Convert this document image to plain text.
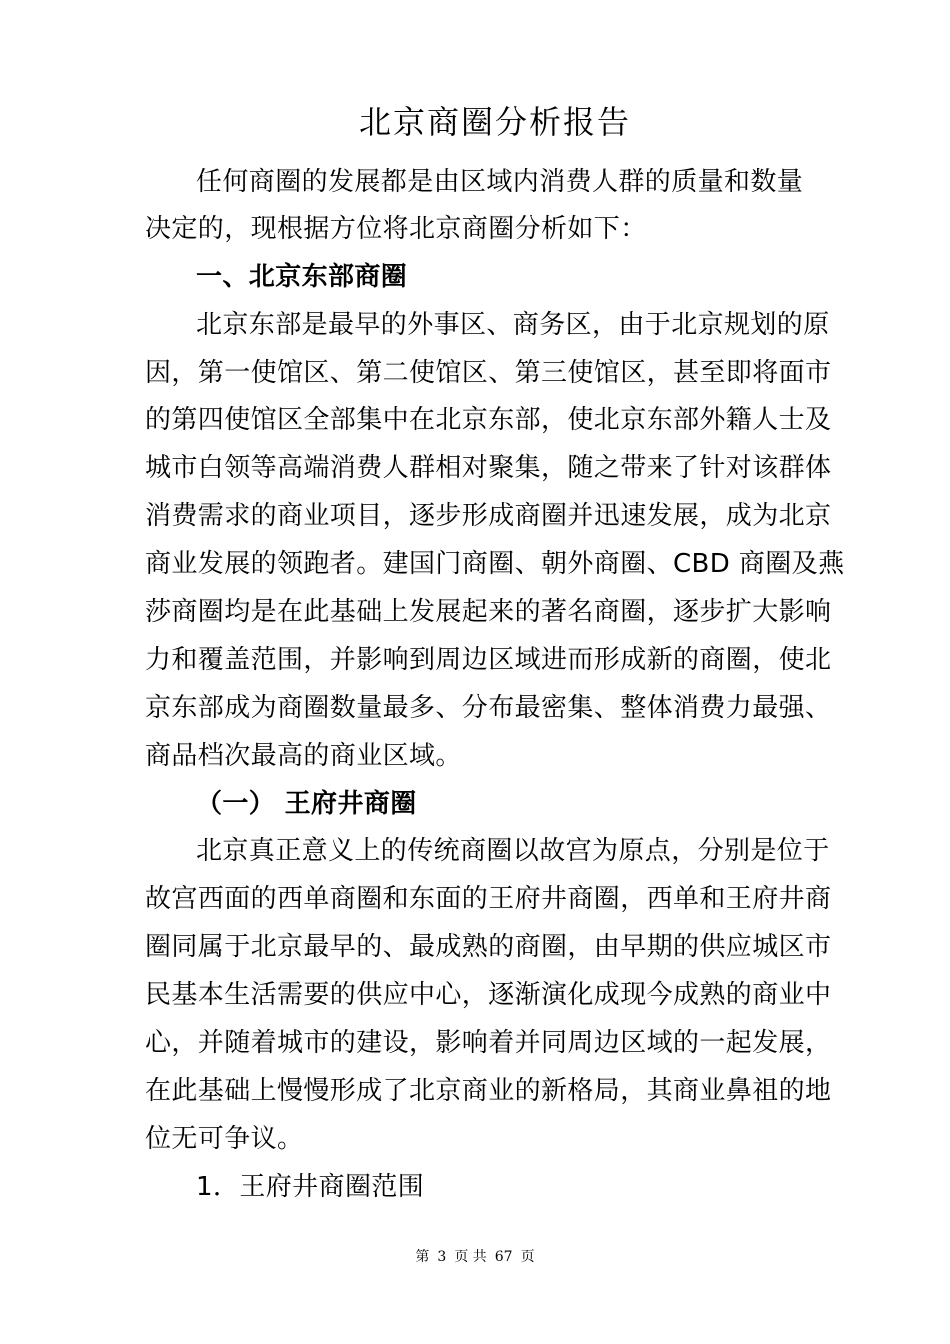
北京商圈分析报告
任何商圈的发展都是由区域内消费人群的质量和数量
决定的，现根据方位将北京商圈分析如下：
一、北京东部商圈
北京东部是最早的外事区、商务区，由于北京规划的原
因，第一使馆区、第二使馆区、第三使馆区，甚至即将面市
的第四使馆区全部集中在北京东部，使北京东部外籍人士及
城市白领等高端消费人群相对聚集，随之带来了针对该群体
消费需求的商业项目，逐步形成商圈并迅速发展，成为北京
商业发展的领跑者。建国门商圈、朝外商圈、CBD 商圈及燕
莎商圈均是在此基础上发展起来的著名商圈，逐步扩大影响
力和覆盖范围，并影响到周边区域进而形成新的商圈，使北
京东部成为商圈数量最多、分布最密集、整体消费力最强、
商品档次最高的商业区域。
（一） 王府井商圈
北京真正意义上的传统商圈以故宫为原点，分别是位于
故宫西面的西单商圈和东面的王府井商圈，西单和王府井商
圈同属于北京最早的、最成熟的商圈，由早期的供应城区市
民基本生活需要的供应中心，逐渐演化成现今成熟的商业中
心，并随着城市的建设，影响着并同周边区域的一起发展，
在此基础上慢慢形成了北京商业的新格局，其商业鼻祖的地
位无可争议。
1．王府井商圈范围
第 3 页 共 67 页
